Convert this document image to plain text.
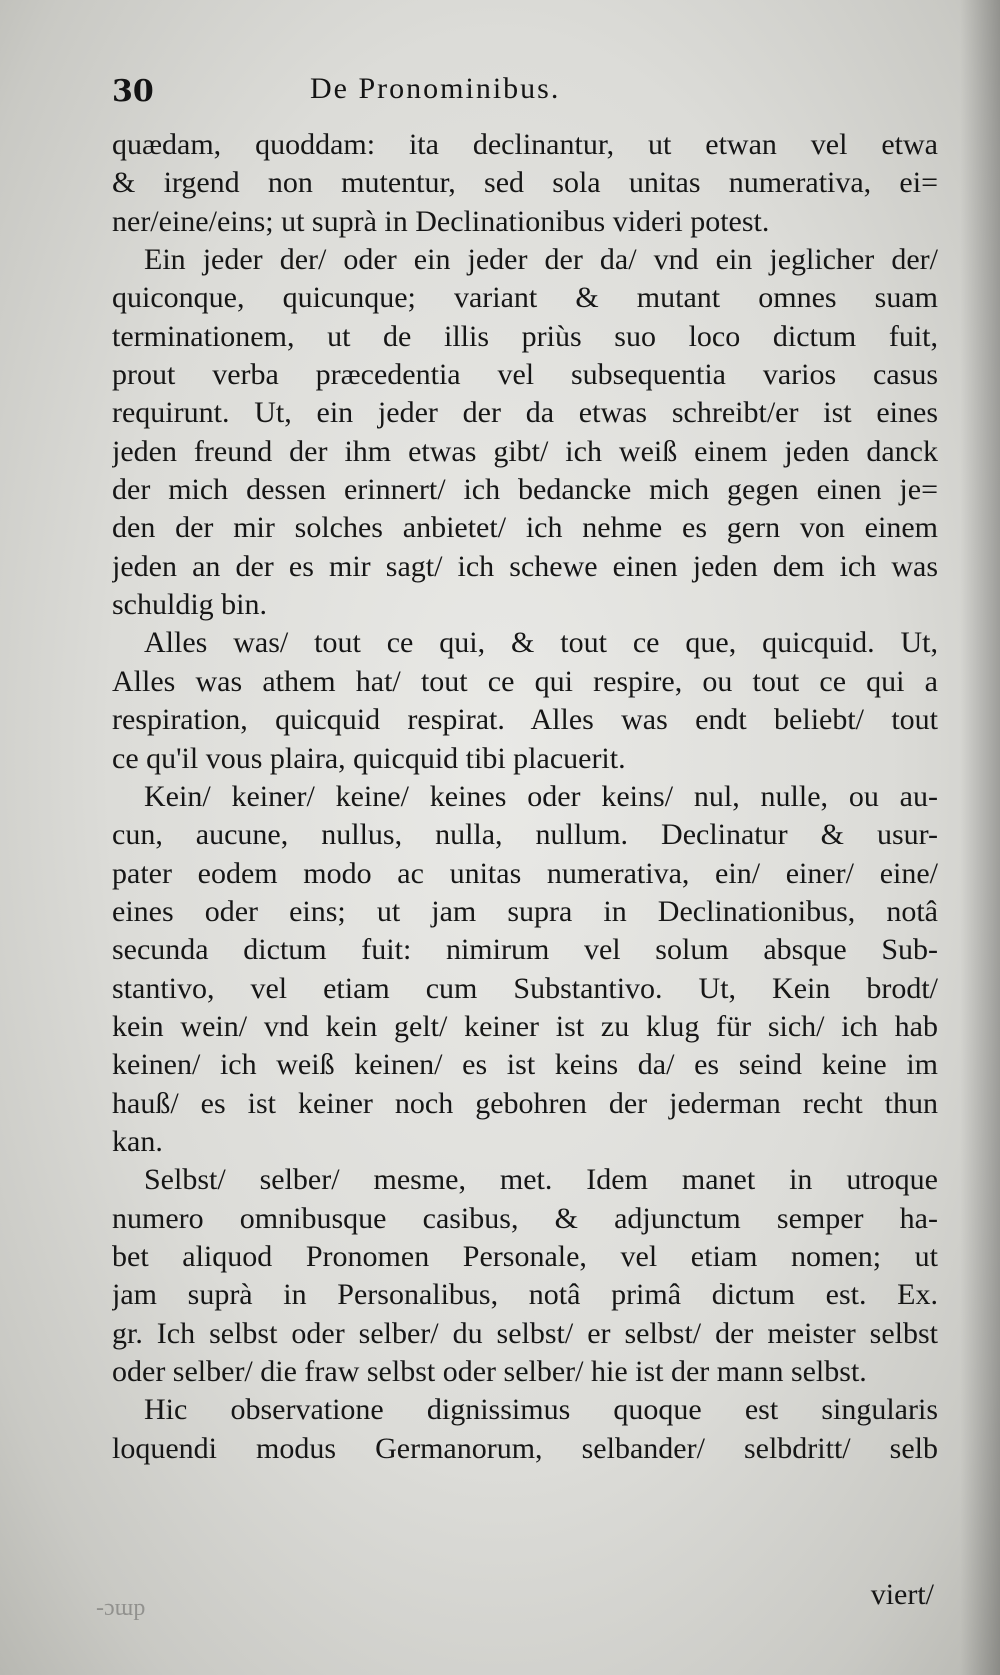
30	De Pronominibus.
quædam, quoddam: ita declinantur, ut etwan vel etwa
& irgend non mutentur, sed sola unitas numerativa, ei=
ner/eine/eins; ut suprà in Declinationibus videri potest.
Ein jeder der/ oder ein jeder der da/ vnd ein jeglicher der/
quiconque, quicunque; variant & mutant omnes suam
terminationem, ut de illis priùs suo loco dictum fuit,
prout verba præcedentia vel subsequentia varios casus
requirunt. Ut, ein jeder der da etwas schreibt/er ist eines
jeden freund der ihm etwas gibt/ ich weiß einem jeden danck
der mich dessen erinnert/ ich bedancke mich gegen einen je=
den der mir solches anbietet/ ich nehme es gern von einem
jeden an der es mir sagt/ ich schewe einen jeden dem ich was
schuldig bin.
Alles was/ tout ce qui, & tout ce que, quicquid. Ut,
Alles was athem hat/ tout ce qui respire, ou tout ce qui a
respiration, quicquid respirat. Alles was endt beliebt/ tout
ce qu'il vous plaira, quicquid tibi placuerit.
Kein/ keiner/ keine/ keines oder keins/ nul, nulle, ou au-
cun, aucune, nullus, nulla, nullum. Declinatur & usur-
pater eodem modo ac unitas numerativa, ein/ einer/ eine/
eines oder eins; ut jam supra in Declinationibus, notâ
secunda dictum fuit: nimirum vel solum absque Sub-
stantivo, vel etiam cum Substantivo. Ut, Kein brodt/
kein wein/ vnd kein gelt/ keiner ist zu klug für sich/ ich hab
keinen/ ich weiß keinen/ es ist keins da/ es seind keine im
hauß/ es ist keiner noch gebohren der jederman recht thun
kan.
Selbst/ selber/ mesme, met. Idem manet in utroque
numero omnibusque casibus, & adjunctum semper ha-
bet aliquod Pronomen Personale, vel etiam nomen; ut
jam suprà in Personalibus, notâ primâ dictum est. Ex.
gr. Ich selbst oder selber/ du selbst/ er selbst/ der meister selbst
oder selber/ die fraw selbst oder selber/ hie ist der mann selbst.
Hic observatione dignissimus quoque est singularis
loquendi modus Germanorum, selbander/ selbdritt/ selb
viert/
-ɔɯp
